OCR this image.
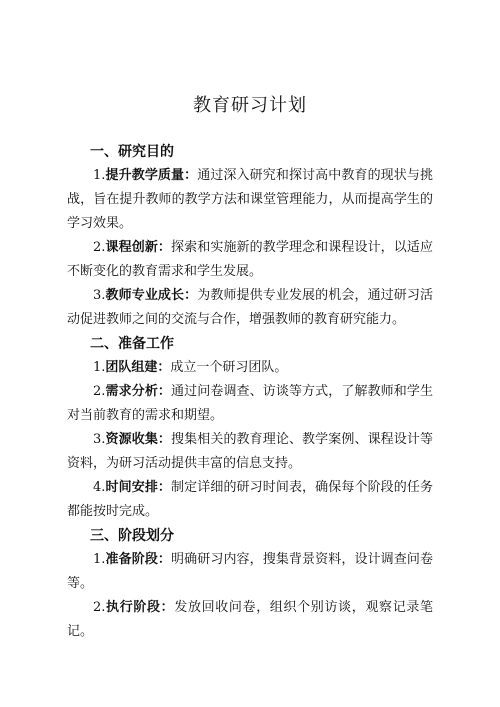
教育研习计划

一、研究目的

1.提升教学质量：通过深入研究和探讨高中教育的现状与挑战，旨在提升教师的教学方法和课堂管理能力，从而提高学生的学习效果。

2.课程创新：探索和实施新的教学理念和课程设计，以适应不断变化的教育需求和学生发展。

3.教师专业成长：为教师提供专业发展的机会，通过研习活动促进教师之间的交流与合作，增强教师的教育研究能力。

二、准备工作

1.团队组建：成立一个研习团队。

2.需求分析：通过问卷调查、访谈等方式，了解教师和学生对当前教育的需求和期望。

3.资源收集：搜集相关的教育理论、教学案例、课程设计等资料，为研习活动提供丰富的信息支持。

4.时间安排：制定详细的研习时间表，确保每个阶段的任务都能按时完成。

三、阶段划分

1.准备阶段：明确研习内容，搜集背景资料，设计调查问卷等。

2.执行阶段：发放回收问卷，组织个别访谈，观察记录笔记。
